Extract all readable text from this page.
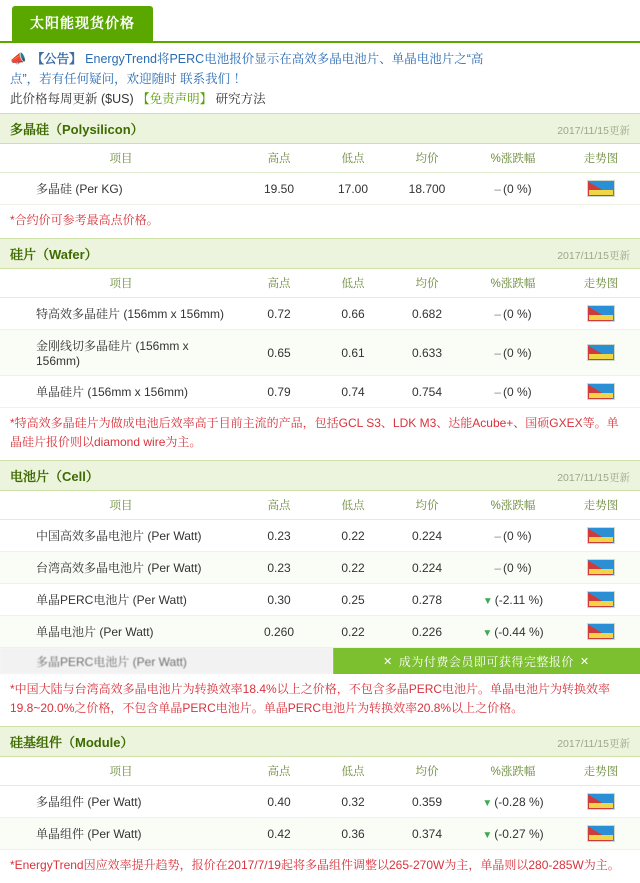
太阳能现货价格
📣 【公告】 EnergyTrend将PERC电池报价显示在高效多晶电池片、单晶电池片之“高
点”，若有任何疑问，欢迎随时 联系我们 ！
此价格每周更新 ($US) 【免责声明】 研究方法
多晶硅（Polysilicon）	2017/11/15更新
项目	高点	低点	均价	%涨跌幅	走势图
多晶硅 (Per KG)	19.50	17.00	18.700	– (0 %)	
*合约价可参考最高点价格。
硅片（Wafer）	2017/11/15更新
项目	高点	低点	均价	%涨跌幅	走势图
特高效多晶硅片 (156mm x 156mm)	0.72	0.66	0.682	– (0 %)	

金刚线切多晶硅片 (156mm x 156mm)	0.65	0.61	0.633	– (0 %)	

单晶硅片 (156mm x 156mm)	0.79	0.74	0.754	– (0 %)	
*特高效多晶硅片为做成电池后效率高于目前主流的产品，包括GCL S3、LDK M3、达能Acube+、国硕GXEX等。单晶硅片报价则以diamond wire为主。
电池片（Cell）	2017/11/15更新
项目	高点	低点	均价	%涨跌幅	走势图
中国高效多晶电池片 (Per Watt)	0.23	0.22	0.224	– (0 %)	

台湾高效多晶电池片 (Per Watt)	0.23	0.22	0.224	– (0 %)	

单晶PERC电池片 (Per Watt)	0.30	0.25	0.278	▼ (-2.11 %)	

单晶电池片 (Per Watt)	0.260	0.22	0.226	▼ (-0.44 %)	
多晶PERC电池片 (Per Watt)	✕ 成为付费会员即可获得完整报价 ✕
*中国大陆与台湾高效多晶电池片为转换效率18.4%以上之价格，不包含多晶PERC电池片。单晶电池片为转换效率19.8~20.0%之价格，不包含单晶PERC电池片。单晶PERC电池片为转换效率20.8%以上之价格。
硅基组件（Module）	2017/11/15更新
项目	高点	低点	均价	%涨跌幅	走势图
多晶组件 (Per Watt)	0.40	0.32	0.359	▼ (-0.28 %)	

单晶组件 (Per Watt)	0.42	0.36	0.374	▼ (-0.27 %)	
*EnergyTrend因应效率提升趋势，报价在2017/7/19起将多晶组件调整以265-270W为主，单晶则以280-285W为主。
